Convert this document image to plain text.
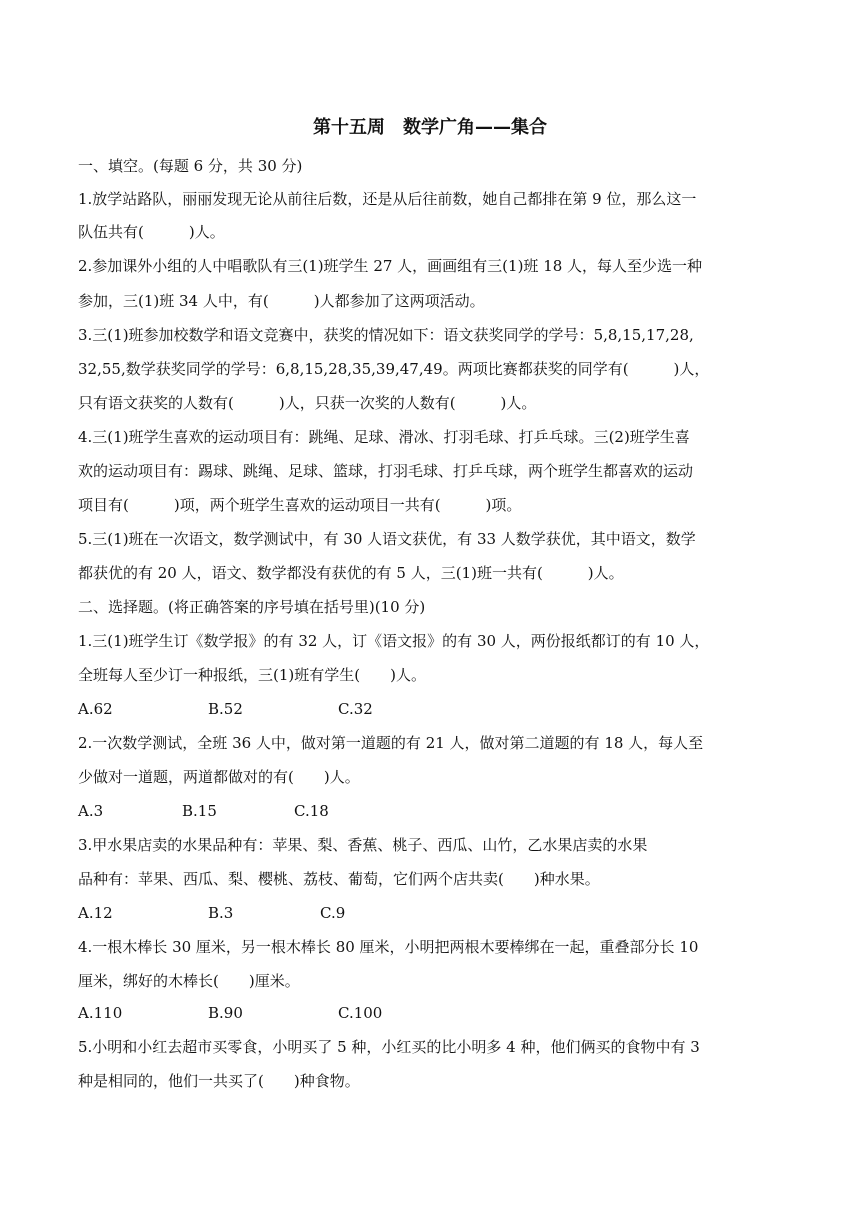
第十五周　数学广角——集合
一、填空。(每题 6 分，共 30 分)
1.放学站路队，丽丽发现无论从前往后数，还是从后往前数，她自己都排在第 9 位，那么这一
队伍共有(　　　)人。
2.参加课外小组的人中唱歌队有三(1)班学生 27 人，画画组有三(1)班 18 人，每人至少选一种
参加，三(1)班 34 人中，有(　　　)人都参加了这两项活动。
3.三(1)班参加校数学和语文竞赛中，获奖的情况如下：语文获奖同学的学号：5,8,15,17,28,
32,55,数学获奖同学的学号：6,8,15,28,35,39,47,49。两项比赛都获奖的同学有(　　　)人，
只有语文获奖的人数有(　　　)人，只获一次奖的人数有(　　　)人。
4.三(1)班学生喜欢的运动项目有：跳绳、足球、滑冰、打羽毛球、打乒乓球。三(2)班学生喜
欢的运动项目有：踢球、跳绳、足球、篮球，打羽毛球、打乒乓球，两个班学生都喜欢的运动
项目有(　　　)项，两个班学生喜欢的运动项目一共有(　　　)项。
5.三(1)班在一次语文，数学测试中，有 30 人语文获优，有 33 人数学获优，其中语文，数学
都获优的有 20 人，语文、数学都没有获优的有 5 人，三(1)班一共有(　　　)人。
二、选择题。(将正确答案的序号填在括号里)(10 分)
1.三(1)班学生订《数学报》的有 32 人，订《语文报》的有 30 人，两份报纸都订的有 10 人，
全班每人至少订一种报纸，三(1)班有学生(　　)人。
A.62	B.52	C.32
2.一次数学测试，全班 36 人中，做对第一道题的有 21 人，做对第二道题的有 18 人，每人至
少做对一道题，两道都做对的有(　　)人。
A.3	B.15	C.18
3.甲水果店卖的水果品种有：苹果、梨、香蕉、桃子、西瓜、山竹，乙水果店卖的水果
品种有：苹果、西瓜、梨、樱桃、荔枝、葡萄，它们两个店共卖(　　)种水果。
A.12	B.3	C.9
4.一根木棒长 30 厘米，另一根木棒长 80 厘米，小明把两根木要棒绑在一起，重叠部分长 10
厘米，绑好的木棒长(　　)厘米。
A.110	B.90	C.100
5.小明和小红去超市买零食，小明买了 5 种，小红买的比小明多 4 种，他们俩买的食物中有 3
种是相同的，他们一共买了(　　)种食物。
